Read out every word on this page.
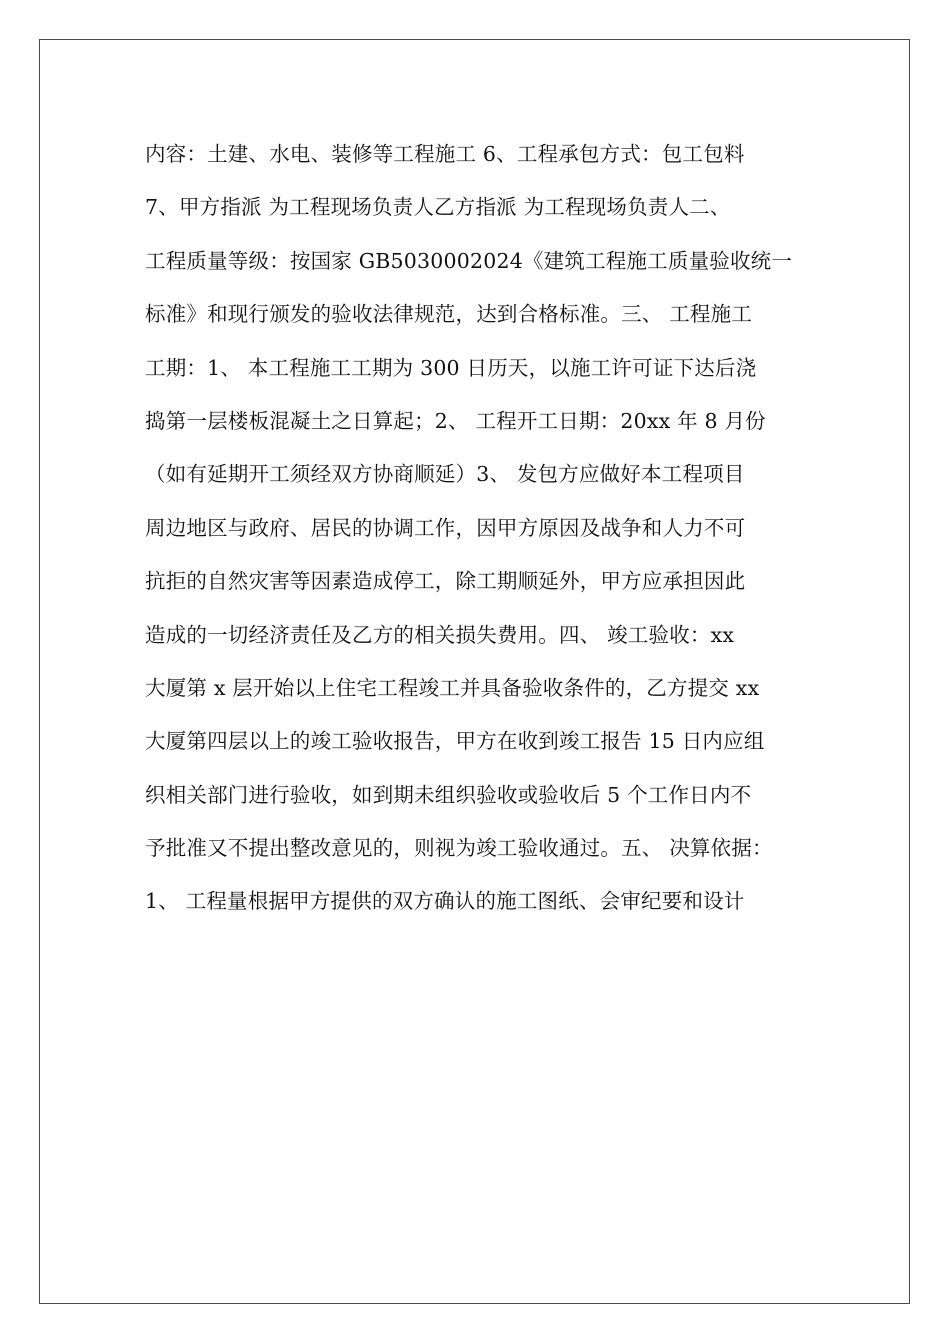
内容：土建、水电、装修等工程施工 6、工程承包方式：包工包料
7、甲方指派 为工程现场负责人乙方指派 为工程现场负责人二、
工程质量等级：按国家 GB5030002024《建筑工程施工质量验收统一
标准》和现行颁发的验收法律规范，达到合格标准。三、 工程施工
工期：1、 本工程施工工期为 300 日历天，以施工许可证下达后浇
捣第一层楼板混凝土之日算起；2、 工程开工日期：20xx 年 8 月份
（如有延期开工须经双方协商顺延）3、 发包方应做好本工程项目
周边地区与政府、居民的协调工作，因甲方原因及战争和人力不可
抗拒的自然灾害等因素造成停工，除工期顺延外，甲方应承担因此
造成的一切经济责任及乙方的相关损失费用。四、 竣工验收：xx
大厦第 x 层开始以上住宅工程竣工并具备验收条件的，乙方提交 xx
大厦第四层以上的竣工验收报告，甲方在收到竣工报告 15 日内应组
织相关部门进行验收，如到期未组织验收或验收后 5 个工作日内不
予批准又不提出整改意见的，则视为竣工验收通过。五、 决算依据：
1、 工程量根据甲方提供的双方确认的施工图纸、会审纪要和设计
